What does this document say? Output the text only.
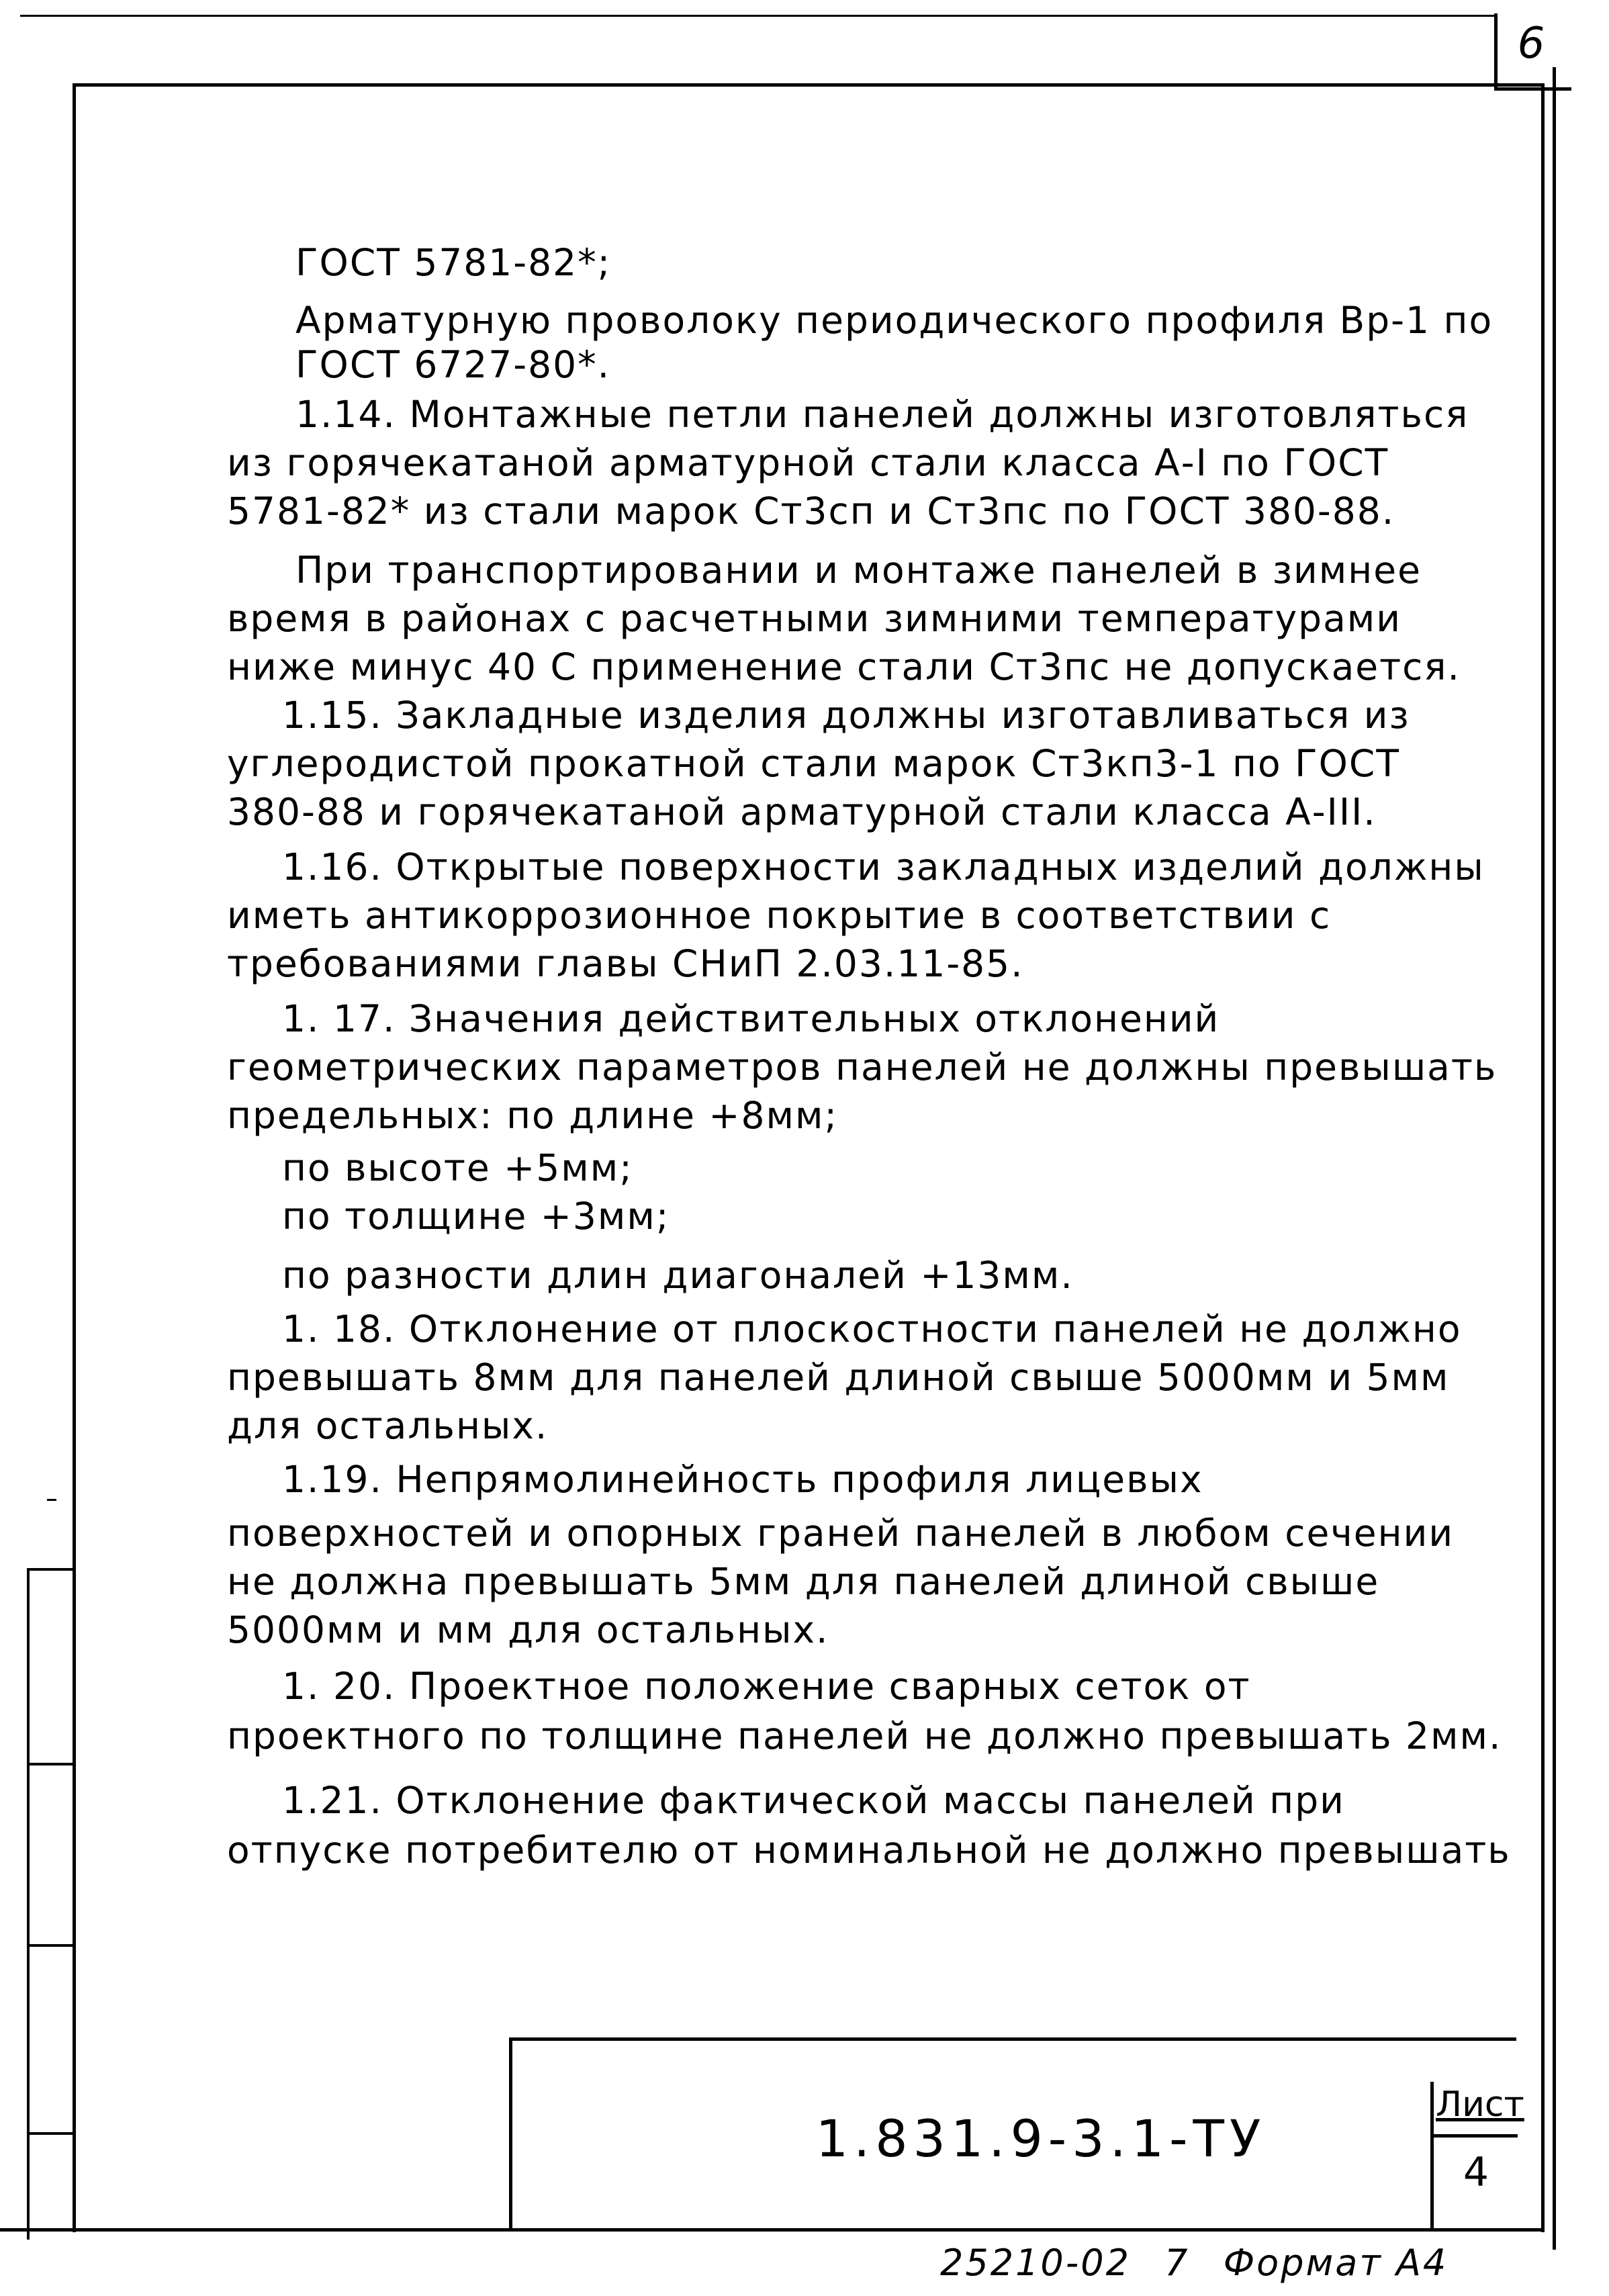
6
ГОСТ 5781-82*;
Арматурную проволоку периодического профиля Вр-1 по
ГОСТ 6727-80*.
1.14. Монтажные петли панелей должны изготовляться
из горячекатаной арматурной стали класса А-I по ГОСТ
5781-82* из стали марок Ст3сп и Ст3пс по ГОСТ 380-88.
При транспортировании и монтаже панелей в зимнее
время в районах с расчетными зимними температурами
ниже минус 40 С применение стали Ст3пс не допускается.
1.15. Закладные изделия должны изготавливаться из
углеродистой прокатной стали марок Ст3кп3-1 по ГОСТ
380-88 и горячекатаной арматурной стали класса А-III.
1.16. Открытые поверхности закладных изделий должны
иметь антикоррозионное покрытие в соответствии с
требованиями главы СНиП 2.03.11-85.
1. 17. Значения действительных отклонений
геометрических параметров панелей не должны превышать
предельных: по длине +8мм;
по высоте +5мм;
по толщине +3мм;
по разности длин диагоналей +13мм.
1. 18. Отклонение от плоскостности панелей не должно
превышать 8мм для панелей длиной свыше 5000мм и 5мм
для остальных.
1.19. Непрямолинейность профиля лицевых
поверхностей и опорных граней панелей в любом сечении
не должна превышать 5мм для панелей длиной свыше
5000мм и мм для остальных.
1. 20. Проектное положение сварных сеток от
проектного по толщине панелей не должно превышать 2мм.
1.21. Отклонение фактической массы панелей при
отпуске потребителю от номинальной не должно превышать
1.831.9-3.1-ТУ
Лист
4
25210-02 7 Формат А4
